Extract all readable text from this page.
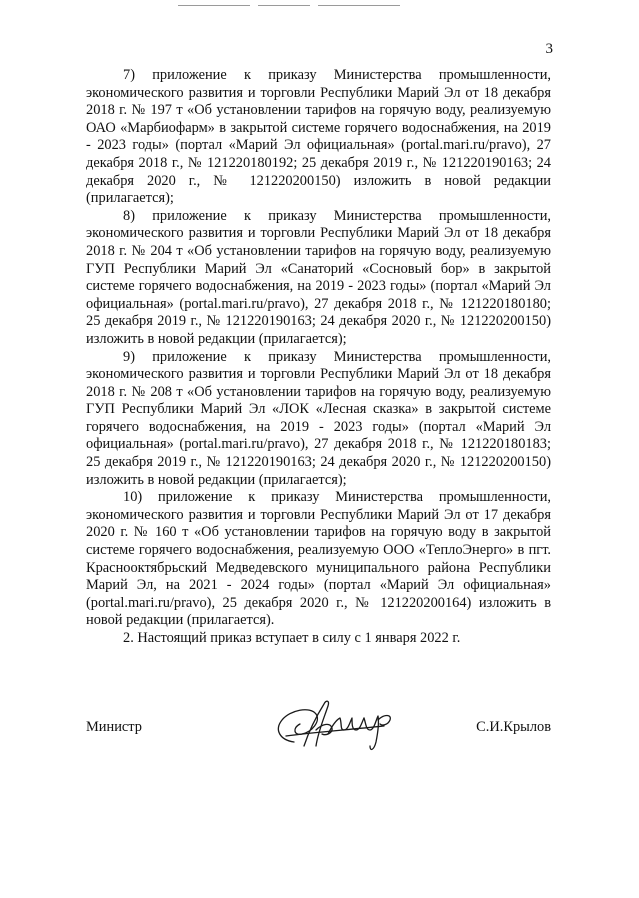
3

7) приложение к приказу Министерства промышленности, экономического развития и торговли Республики Марий Эл от 18 декабря 2018 г. № 197 т «Об установлении тарифов на горячую воду, реализуемую ОАО «Марбиофарм» в закрытой системе горячего водоснабжения, на 2019 - 2023 годы» (портал «Марий Эл официальная» (portal.mari.ru/pravo), 27 декабря 2018 г., № 121220180192; 25 декабря 2019 г., № 121220190163; 24 декабря 2020 г., № 121220200150) изложить в новой редакции (прилагается);

8) приложение к приказу Министерства промышленности, экономического развития и торговли Республики Марий Эл от 18 декабря 2018 г. № 204 т «Об установлении тарифов на горячую воду, реализуемую ГУП Республики Марий Эл «Санаторий «Сосновый бор» в закрытой системе горячего водоснабжения, на 2019 - 2023 годы» (портал «Марий Эл официальная» (portal.mari.ru/pravo), 27 декабря 2018 г., № 121220180180; 25 декабря 2019 г., № 121220190163; 24 декабря 2020 г., № 121220200150) изложить в новой редакции (прилагается);

9) приложение к приказу Министерства промышленности, экономического развития и торговли Республики Марий Эл от 18 декабря 2018 г. № 208 т «Об установлении тарифов на горячую воду, реализуемую ГУП Республики Марий Эл «ЛОК «Лесная сказка» в закрытой системе горячего водоснабжения, на 2019 - 2023 годы» (портал «Марий Эл официальная» (portal.mari.ru/pravo), 27 декабря 2018 г., № 121220180183; 25 декабря 2019 г., № 121220190163; 24 декабря 2020 г., № 121220200150) изложить в новой редакции (прилагается);

10) приложение к приказу Министерства промышленности, экономического развития и торговли Республики Марий Эл от 17 декабря 2020 г. № 160 т «Об установлении тарифов на горячую воду в закрытой системе горячего водоснабжения, реализуемую ООО «ТеплоЭнерго» в пгт. Краснооктябрьский Медведевского муниципального района Республики Марий Эл, на 2021 - 2024 годы» (портал «Марий Эл официальная» (portal.mari.ru/pravo), 25 декабря 2020 г., № 121220200164) изложить в новой редакции (прилагается).

2. Настоящий приказ вступает в силу с 1 января 2022 г.

Министр	С.И.Крылов
